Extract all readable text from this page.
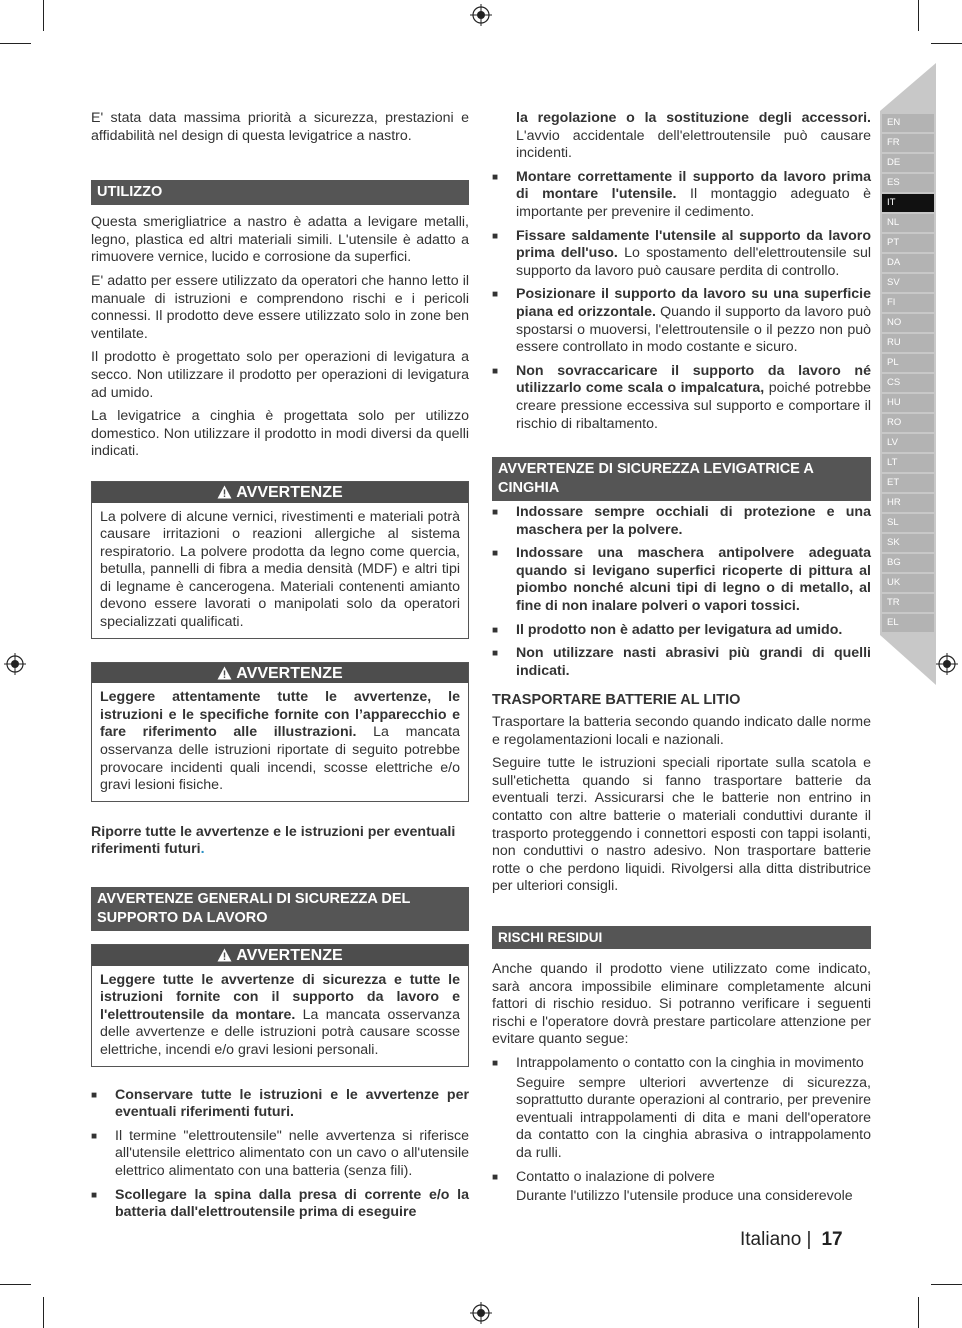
EN
FR
DE
ES
IT
NL
PT
DA
SV
FI
NO
RU
PL
CS
HU
RO
LV
LT
ET
HR
SL
SK
BG
UK
TR
EL

E' stata data massima priorità a sicurezza, prestazioni e affidabilità nel design di questa levigatrice a nastro.

UTILIZZO

Questa smerigliatrice a nastro è adatta a levigare metalli, legno, plastica ed altri materiali simili. L'utensile è adatto a rimuovere vernice, lucido e corrosione da superfici.

E' adatto per essere utilizzato da operatori che hanno letto il manuale di istruzioni e comprendono rischi e i pericoli connessi. Il prodotto deve essere utilizzato solo in zone ben ventilate.

Il prodotto è progettato solo per operazioni di levigatura a secco. Non utilizzare il prodotto per operazioni di levigatura ad umido.

La levigatrice a cinghia è progettata solo per utilizzo domestico. Non utilizzare il prodotto in modi diversi da quelli indicati.

AVVERTENZE
La polvere di alcune vernici, rivestimenti e materiali potrà causare irritazioni o reazioni allergiche al sistema respiratorio. La polvere prodotta da legno come quercia, betulla, pannelli di fibra a media densità (MDF) e altri tipi di legname è cancerogena. Materiali contenenti amianto devono essere lavorati o manipolati solo da operatori specializzati qualificati.
AVVERTENZE
Leggere attentamente tutte le avvertenze, le istruzioni e le specifiche fornite con l’apparecchio e fare riferimento alle illustrazioni. La mancata osservanza delle istruzioni riportate di seguito potrebbe provocare incidenti quali incendi, scosse elettriche e/o gravi lesioni fisiche.

Riporre tutte le avvertenze e le istruzioni per eventuali riferimenti futuri.

AVVERTENZE GENERALI DI SICUREZZA DEL SUPPORTO DA LAVORO
AVVERTENZE
Leggere tutte le avvertenze di sicurezza e tutte le istruzioni fornite con il supporto da lavoro e l'elettroutensile da montare. La mancata osservanza delle avvertenze e delle istruzioni potrà causare scosse elettriche, incendi e/o gravi lesioni personali.
■	Conservare tutte le istruzioni e le avvertenze per eventuali riferimenti futuri.
■	Il termine "elettroutensile" nelle avvertenza si riferisce all'utensile elettrico alimentato con un cavo o all'utensile elettrico alimentato con una batteria (senza fili).
■	Scollegare la spina dalla presa di corrente e/o la batteria dall'elettroutensile prima di eseguire
la regolazione o la sostituzione degli accessori. L'avvio accidentale dell'elettroutensile può causare incidenti.
■	Montare correttamente il supporto da lavoro prima di montare l'utensile. Il montaggio adeguato è importante per prevenire il cedimento.
■	Fissare saldamente l'utensile al supporto da lavoro prima dell'uso. Lo spostamento dell'elettroutensile sul supporto da lavoro può causare perdita di controllo.
■	Posizionare il supporto da lavoro su una superficie piana ed orizzontale. Quando il supporto da lavoro può spostarsi o muoversi, l'elettroutensile o il pezzo non può essere controllato in modo costante e sicuro.
■	Non sovraccaricare il supporto da lavoro né utilizzarlo come scala o impalcatura, poiché potrebbe creare pressione eccessiva sul supporto e comportare il rischio di ribaltamento.
AVVERTENZE DI SICUREZZA LEVIGATRICE A CINGHIA
■	Indossare sempre occhiali di protezione e una maschera per la polvere.
■	Indossare una maschera antipolvere adeguata quando si levigano superfici ricoperte di pittura al piombo nonché alcuni tipi di legno o di metallo, al fine di non inalare polveri o vapori tossici.
■	Il prodotto non è adatto per levigatura ad umido.
■	Non utilizzare nasti abrasivi più grandi di quelli indicati.
TRASPORTARE BATTERIE AL LITIO

Trasportare la batteria secondo quando indicato dalle norme e regolamentazioni locali e nazionali.

Seguire tutte le istruzioni speciali riportate sulla scatola e sull'etichetta quando si fanno trasportare batterie da eventuali terzi. Assicurarsi che le batterie non entrino in contatto con altre batterie o materiali conduttivi durante il trasporto proteggendo i connettori esposti con tappi isolanti, non conduttivi o nastro adesivo. Non trasportare batterie rotte o che perdono liquidi. Rivolgersi alla ditta distributrice per ulteriori consigli.

RISCHI RESIDUI

Anche quando il prodotto viene utilizzato come indicato, sarà ancora impossibile eliminare completamente alcuni fattori di rischio residuo. Si potranno verificare i seguenti rischi e l'operatore dovrà prestare particolare attenzione per evitare quanto segue:

■	Intrappolamento o contatto con la cinghia in movimento
Seguire sempre ulteriori avvertenze di sicurezza, soprattutto durante operazioni al contrario, per prevenire eventuali intrappolamenti di dita e mani dell'operatore da contatto con la cinghia abrasiva o intrappolamento da rulli.
■	Contatto o inalazione di polvere
Durante l'utilizzo l'utensile produce una considerevole
Italiano | 17
